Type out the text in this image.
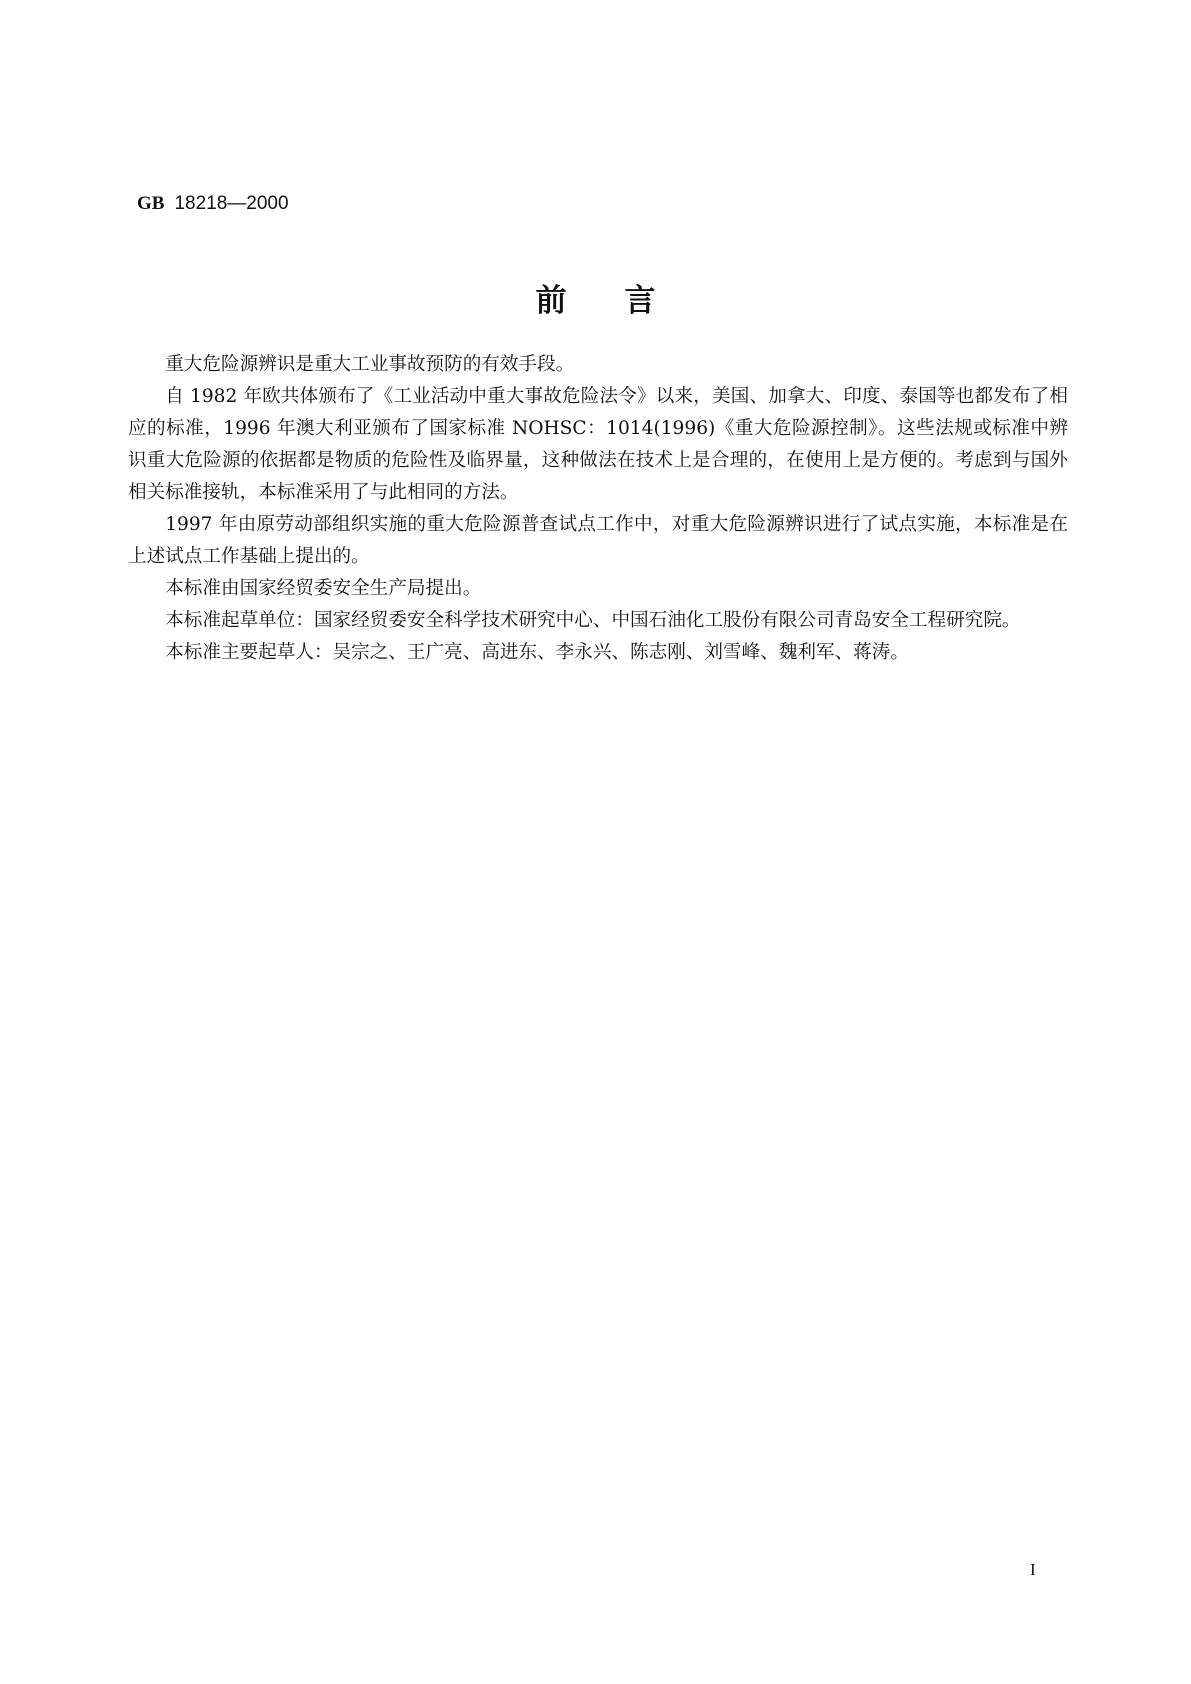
GB 18218—2000
前言

重大危险源辨识是重大工业事故预防的有效手段。

自 1982 年欧共体颁布了《工业活动中重大事故危险法令》以来，美国、加拿大、印度、泰国等也都发布了相应的标准，1996 年澳大利亚颁布了国家标准 NOHSC：1014(1996)《重大危险源控制》。这些法规或标准中辨识重大危险源的依据都是物质的危险性及临界量，这种做法在技术上是合理的，在使用上是方便的。考虑到与国外相关标准接轨，本标准采用了与此相同的方法。

1997 年由原劳动部组织实施的重大危险源普查试点工作中，对重大危险源辨识进行了试点实施，本标准是在上述试点工作基础上提出的。

本标准由国家经贸委安全生产局提出。

本标准起草单位：国家经贸委安全科学技术研究中心、中国石油化工股份有限公司青岛安全工程研究院。

本标准主要起草人：吴宗之、王广亮、高进东、李永兴、陈志刚、刘雪峰、魏利军、蒋涛。

I
